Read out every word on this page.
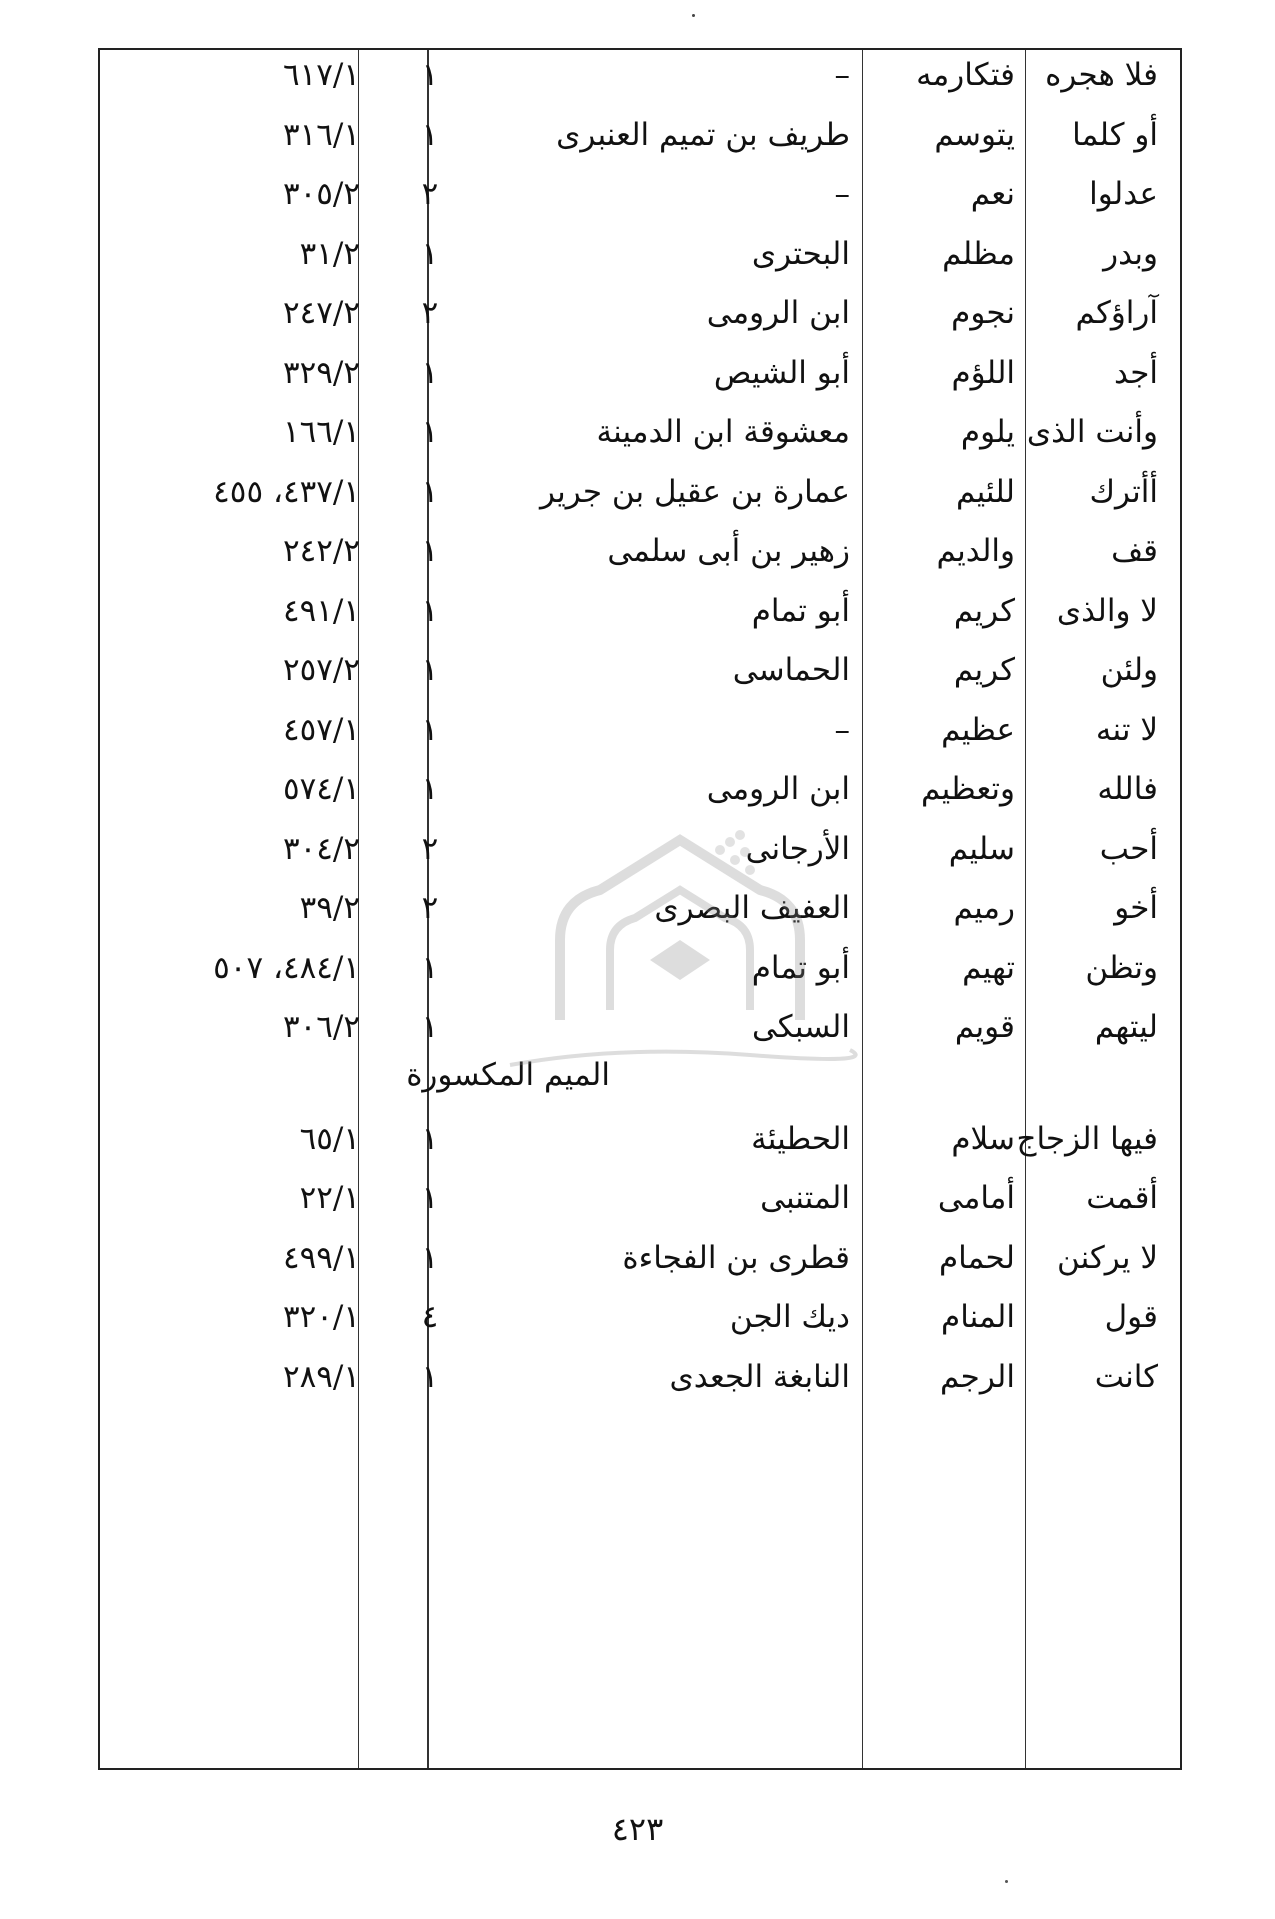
فلا هجره
فتكارمه
–
١
٦١٧/١
أو كلما
يتوسم
طريف بن تميم العنبرى
١
٣١٦/١
عدلوا
نعم
–
٢
٣٠٥/٢
وبدر
مظلم
البحترى
١
٣١/٢
آراؤكم
نجوم
ابن الرومى
٢
٢٤٧/٢
أجد
اللؤم
أبو الشيص
١
٣٢٩/٢
وأنت الذى
يلوم
معشوقة ابن الدمينة
١
١٦٦/١
أأترك
للئيم
عمارة بن عقيل بن جرير
١
٤٣٧/١، ٤٥٥
قف
والديم
زهير بن أبى سلمى
١
٢٤٢/٢
لا والذى
كريم
أبو تمام
١
٤٩١/١
ولئن
كريم
الحماسى
١
٢٥٧/٢
لا تنه
عظيم
–
١
٤٥٧/١
فالله
وتعظيم
ابن الرومى
١
٥٧٤/١
أحب
سليم
الأرجانى
٢
٣٠٤/٢
أخو
رميم
العفيف البصرى
٢
٣٩/٢
وتظن
تهيم
أبو تمام
١
٤٨٤/١، ٥٠٧
ليتهم
قويم
السبكى
١
٣٠٦/٢
فيها الزجاج
سلام
الحطيئة
١
٦٥/١
أقمت
أمامى
المتنبى
١
٢٢/١
لا يركنن
لحمام
قطرى بن الفجاءة
١
٤٩٩/١
قول
المنام
ديك الجن
٤
٣٢٠/١
كانت
الرجم
النابغة الجعدى
١
٢٨٩/١
الميم المكسورة
٤٢٣
